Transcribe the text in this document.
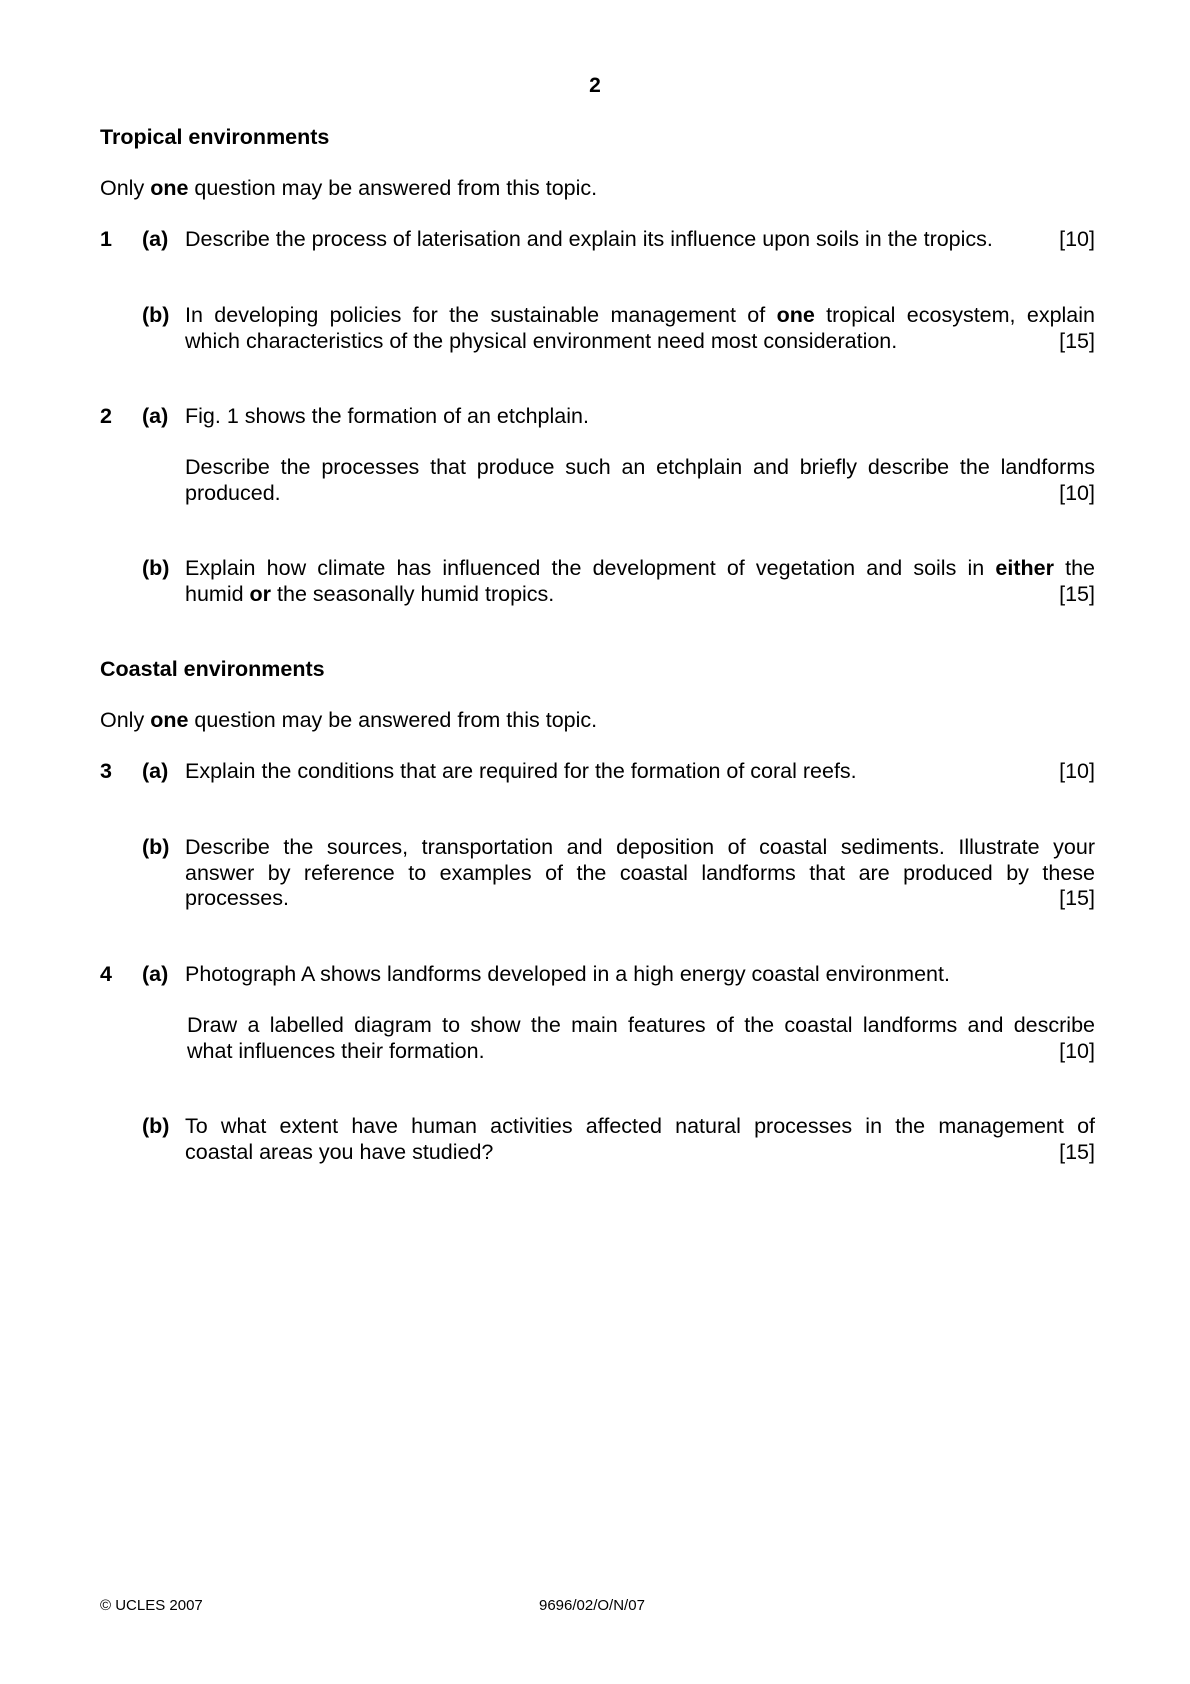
2
Tropical environments
Only one question may be answered from this topic.
1 (a) Describe the process of laterisation and explain its influence upon soils in the tropics.	[10]
(b) In developing policies for the sustainable management of one tropical ecosystem, explain
which characteristics of the physical environment need most consideration.	[15]
2 (a) Fig. 1 shows the formation of an etchplain.
Describe the processes that produce such an etchplain and briefly describe the landforms
produced.	[10]
(b) Explain how climate has influenced the development of vegetation and soils in either the
humid or the seasonally humid tropics.	[15]
Coastal environments
Only one question may be answered from this topic.
3 (a) Explain the conditions that are required for the formation of coral reefs.	[10]
(b) Describe the sources, transportation and deposition of coastal sediments. Illustrate your
answer by reference to examples of the coastal landforms that are produced by these
processes.	[15]
4 (a) Photograph A shows landforms developed in a high energy coastal environment.
Draw a labelled diagram to show the main features of the coastal landforms and describe
what influences their formation.	[10]
(b) To what extent have human activities affected natural processes in the management of
coastal areas you have studied?	[15]
© UCLES 2007	9696/02/O/N/07
